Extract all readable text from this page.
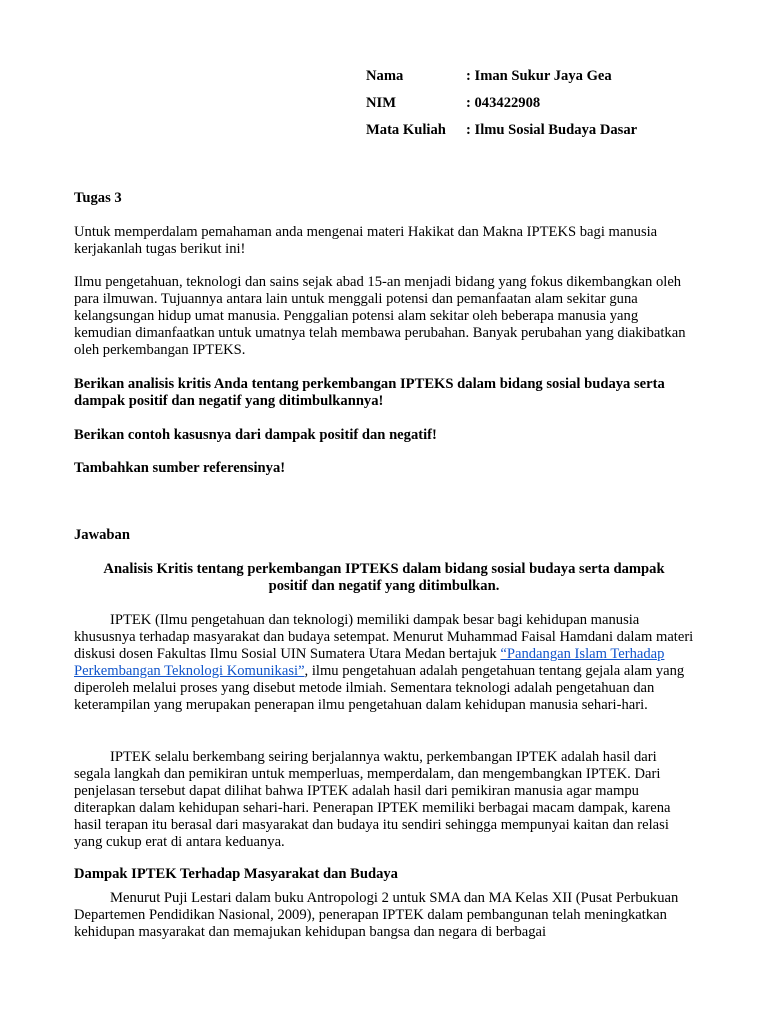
Nama	: Iman Sukur Jaya Gea
NIM	: 043422908
Mata Kuliah : Ilmu Sosial Budaya Dasar

Tugas 3

Untuk memperdalam pemahaman anda mengenai materi Hakikat dan Makna IPTEKS bagi manusia kerjakanlah tugas berikut ini!

Ilmu pengetahuan, teknologi dan sains sejak abad 15-an menjadi bidang yang fokus dikembangkan oleh para ilmuwan. Tujuannya antara lain untuk menggali potensi dan pemanfaatan alam sekitar guna kelangsungan hidup umat manusia. Penggalian potensi alam sekitar oleh beberapa manusia yang kemudian dimanfaatkan untuk umatnya telah membawa perubahan. Banyak perubahan yang diakibatkan oleh perkembangan IPTEKS.

Berikan analisis kritis Anda tentang perkembangan IPTEKS dalam bidang sosial budaya serta dampak positif dan negatif yang ditimbulkannya!

Berikan contoh kasusnya dari dampak positif dan negatif!

Tambahkan sumber referensinya!

Jawaban

Analisis Kritis tentang perkembangan IPTEKS dalam bidang sosial budaya serta dampak positif dan negatif yang ditimbulkan.

IPTEK (Ilmu pengetahuan dan teknologi) memiliki dampak besar bagi kehidupan manusia khususnya terhadap masyarakat dan budaya setempat. Menurut Muhammad Faisal Hamdani dalam materi diskusi dosen Fakultas Ilmu Sosial UIN Sumatera Utara Medan bertajuk “Pandangan Islam Terhadap Perkembangan Teknologi Komunikasi”, ilmu pengetahuan adalah pengetahuan tentang gejala alam yang diperoleh melalui proses yang disebut metode ilmiah. Sementara teknologi adalah pengetahuan dan keterampilan yang merupakan penerapan ilmu pengetahuan dalam kehidupan manusia sehari-hari.

IPTEK selalu berkembang seiring berjalannya waktu, perkembangan IPTEK adalah hasil dari segala langkah dan pemikiran untuk memperluas, memperdalam, dan mengembangkan IPTEK. Dari penjelasan tersebut dapat dilihat bahwa IPTEK adalah hasil dari pemikiran manusia agar mampu diterapkan dalam kehidupan sehari-hari. Penerapan IPTEK memiliki berbagai macam dampak, karena hasil terapan itu berasal dari masyarakat dan budaya itu sendiri sehingga mempunyai kaitan dan relasi yang cukup erat di antara keduanya.

Dampak IPTEK Terhadap Masyarakat dan Budaya

Menurut Puji Lestari dalam buku Antropologi 2 untuk SMA dan MA Kelas XII (Pusat Perbukuan Departemen Pendidikan Nasional, 2009), penerapan IPTEK dalam pembangunan telah meningkatkan kehidupan masyarakat dan memajukan kehidupan bangsa dan negara di berbagai
